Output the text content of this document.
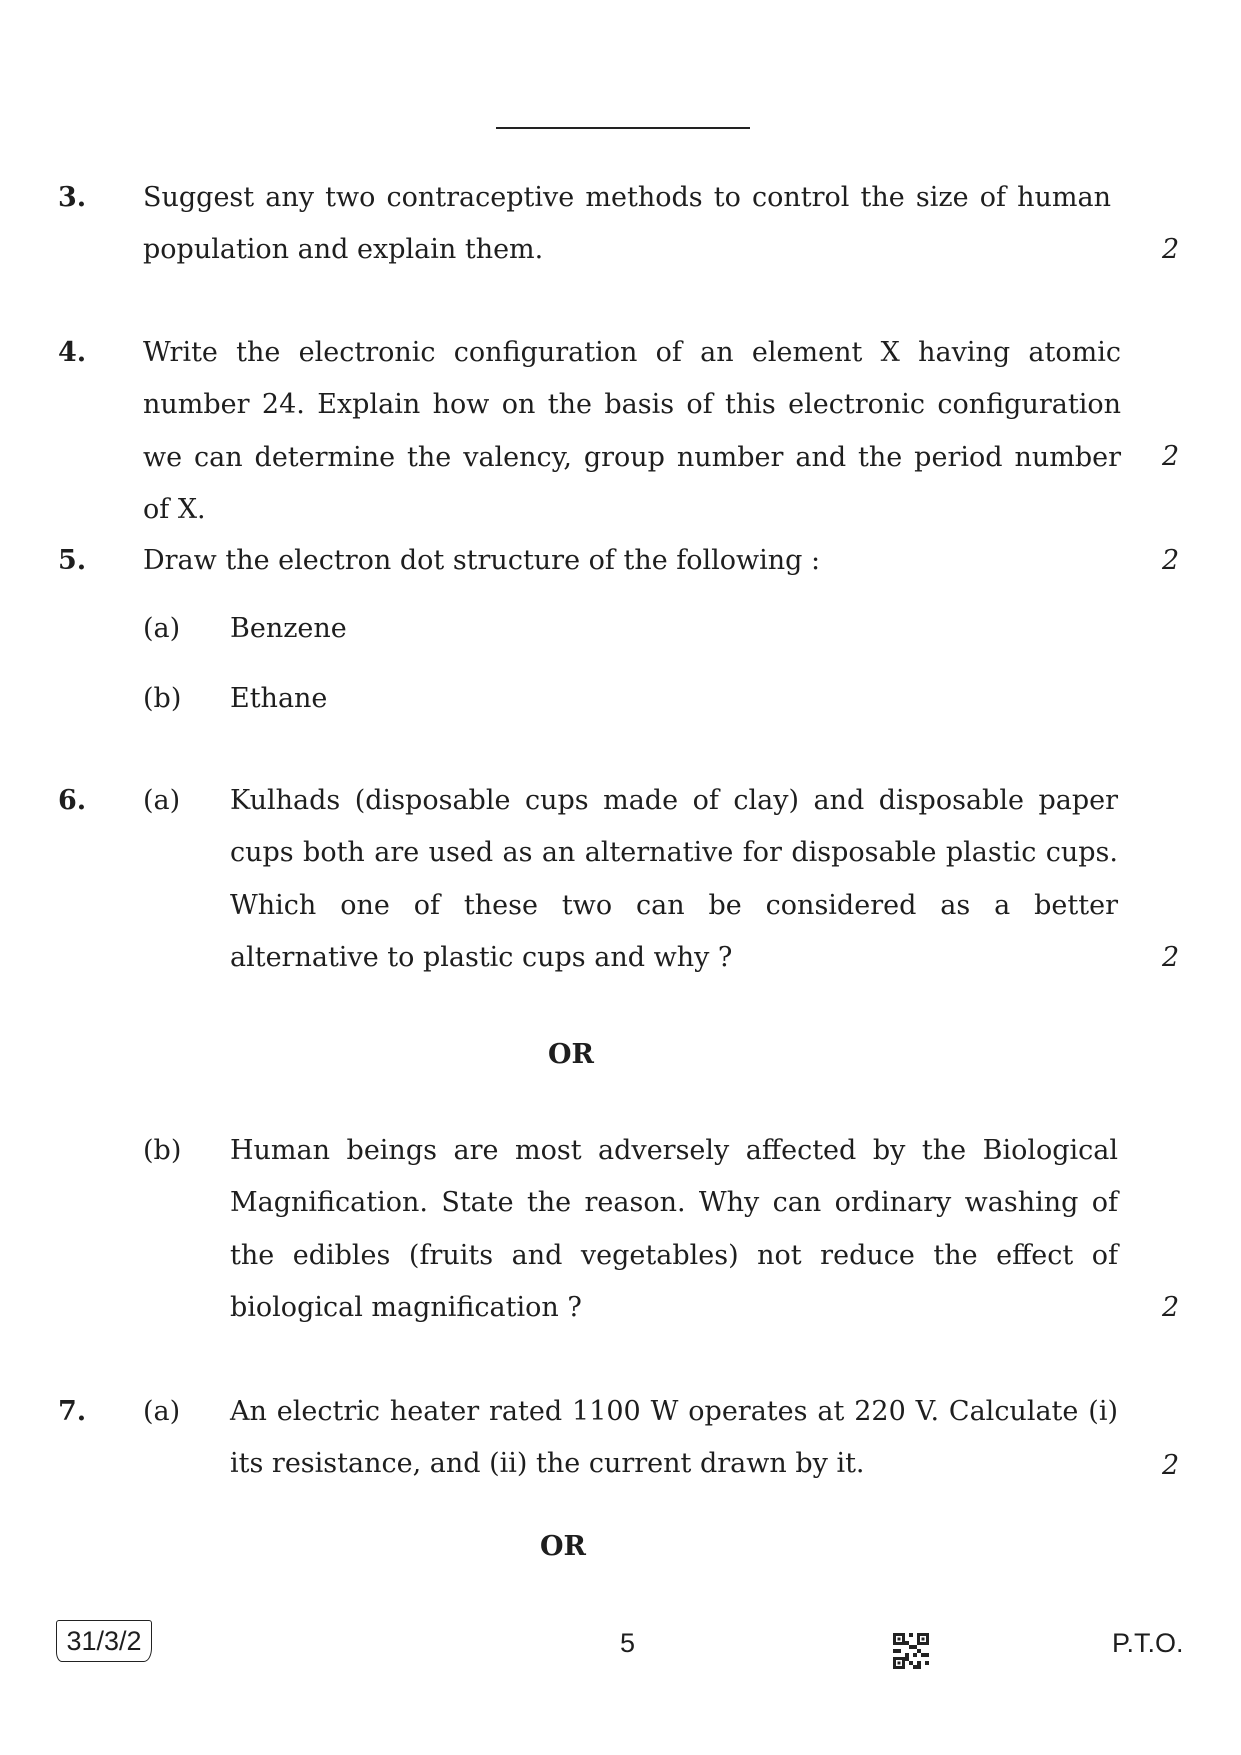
3. Suggest any two contraceptive methods to control the size of human population and explain them.	2
4. Write the electronic configuration of an element X having atomic number 24. Explain how on the basis of this electronic configuration we can determine the valency, group number and the period number of X.
2
5. Draw the electron dot structure of the following :	2
(a) Benzene
(b) Ethane
6. (a) Kulhads (disposable cups made of clay) and disposable paper cups both are used as an alternative for disposable plastic cups. Which one of these two can be considered as a better alternative to plastic cups and why ?	2
OR
(b) Human beings are most adversely affected by the Biological Magnification. State the reason. Why can ordinary washing of the edibles (fruits and vegetables) not reduce the effect of biological magnification ?	2
7. (a) An electric heater rated 1100 W operates at 220 V. Calculate (i) its resistance, and (ii) the current drawn by it.	2
OR
31/3/2	5	P.T.O.
